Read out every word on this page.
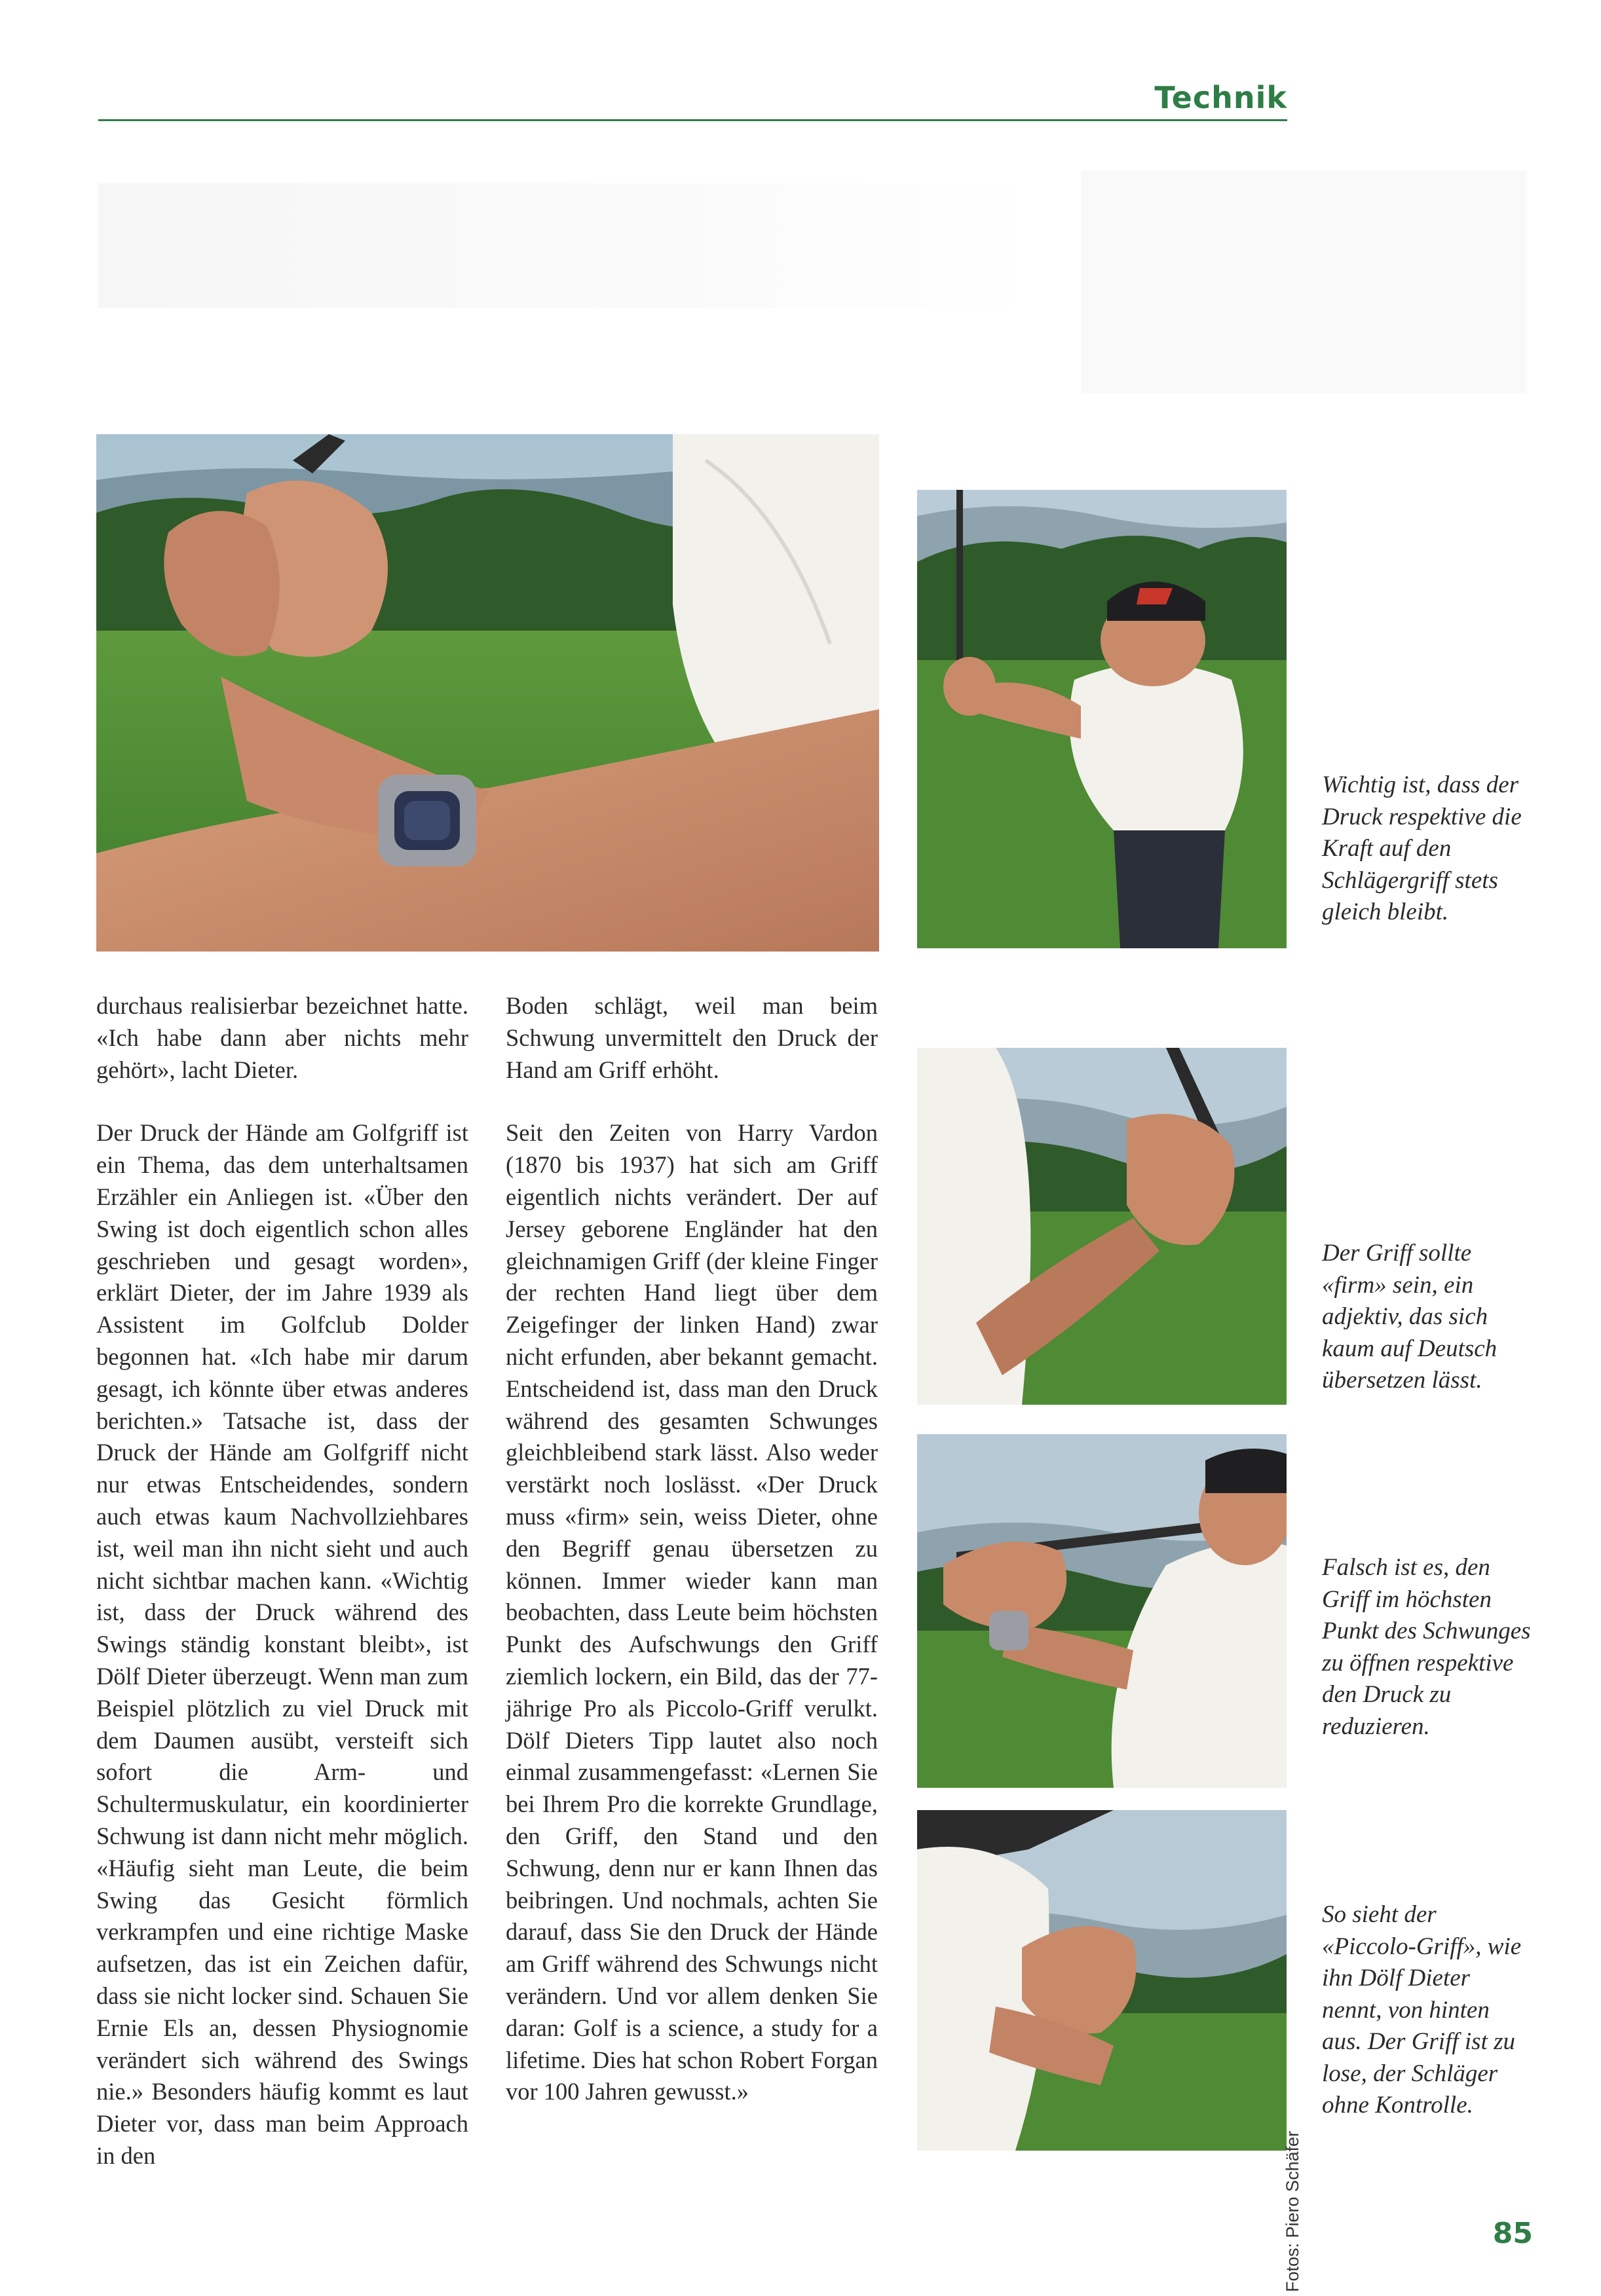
Technik

durchaus realisierbar bezeichnet hatte. «Ich habe dann aber nichts mehr gehört», lacht Dieter.

Der Druck der Hände am Golfgriff ist ein Thema, das dem unterhaltsamen Erzähler ein Anliegen ist. «Über den Swing ist doch eigentlich schon alles geschrieben und gesagt worden», erklärt Dieter, der im Jahre 1939 als Assistent im Golfclub Dolder begonnen hat. «Ich habe mir darum gesagt, ich könnte über etwas anderes berichten.» Tatsache ist, dass der Druck der Hände am Golfgriff nicht nur etwas Entscheidendes, sondern auch etwas kaum Nachvollziehbares ist, weil man ihn nicht sieht und auch nicht sichtbar machen kann. «Wichtig ist, dass der Druck während des Swings ständig konstant bleibt», ist Dölf Dieter überzeugt. Wenn man zum Beispiel plötzlich zu viel Druck mit dem Daumen ausübt, versteift sich sofort die Arm- und Schultermuskulatur, ein koordinierter Schwung ist dann nicht mehr möglich. «Häufig sieht man Leute, die beim Swing das Gesicht förmlich verkrampfen und eine richtige Maske aufsetzen, das ist ein Zeichen dafür, dass sie nicht locker sind. Schauen Sie Ernie Els an, dessen Physiognomie verändert sich während des Swings nie.» Besonders häufig kommt es laut Dieter vor, dass man beim Approach in den

Boden schlägt, weil man beim Schwung unvermittelt den Druck der Hand am Griff erhöht.

Seit den Zeiten von Harry Vardon (1870 bis 1937) hat sich am Griff eigentlich nichts verändert. Der auf Jersey geborene Engländer hat den gleichnamigen Griff (der kleine Finger der rechten Hand liegt über dem Zeigefinger der linken Hand) zwar nicht erfunden, aber bekannt gemacht. Entscheidend ist, dass man den Druck während des gesamten Schwunges gleichbleibend stark lässt. Also weder verstärkt noch loslässt. «Der Druck muss «firm» sein, weiss Dieter, ohne den Begriff genau übersetzen zu können. Immer wieder kann man beobachten, dass Leute beim höchsten Punkt des Aufschwungs den Griff ziemlich lockern, ein Bild, das der 77-jährige Pro als Piccolo-Griff verulkt. Dölf Dieters Tipp lautet also noch einmal zusammengefasst: «Lernen Sie bei Ihrem Pro die korrekte Grundlage, den Griff, den Stand und den Schwung, denn nur er kann Ihnen das beibringen. Und nochmals, achten Sie darauf, dass Sie den Druck der Hände am Griff während des Schwungs nicht verändern. Und vor allem denken Sie daran: Golf is a science, a study for a lifetime. Dies hat schon Robert Forgan vor 100 Jahren gewusst.»

Wichtig ist, dass der Druck respektive die Kraft auf den Schlägergriff stets gleich bleibt.
Der Griff sollte «firm» sein, ein adjektiv, das sich kaum auf Deutsch übersetzen lässt.
Falsch ist es, den Griff im höchsten Punkt des Schwunges zu öffnen respektive den Druck zu reduzieren.
So sieht der «Piccolo-Griff», wie ihn Dölf Dieter nennt, von hinten aus. Der Griff ist zu lose, der Schläger ohne Kontrolle.
Fotos: Piero Schäfer	85
